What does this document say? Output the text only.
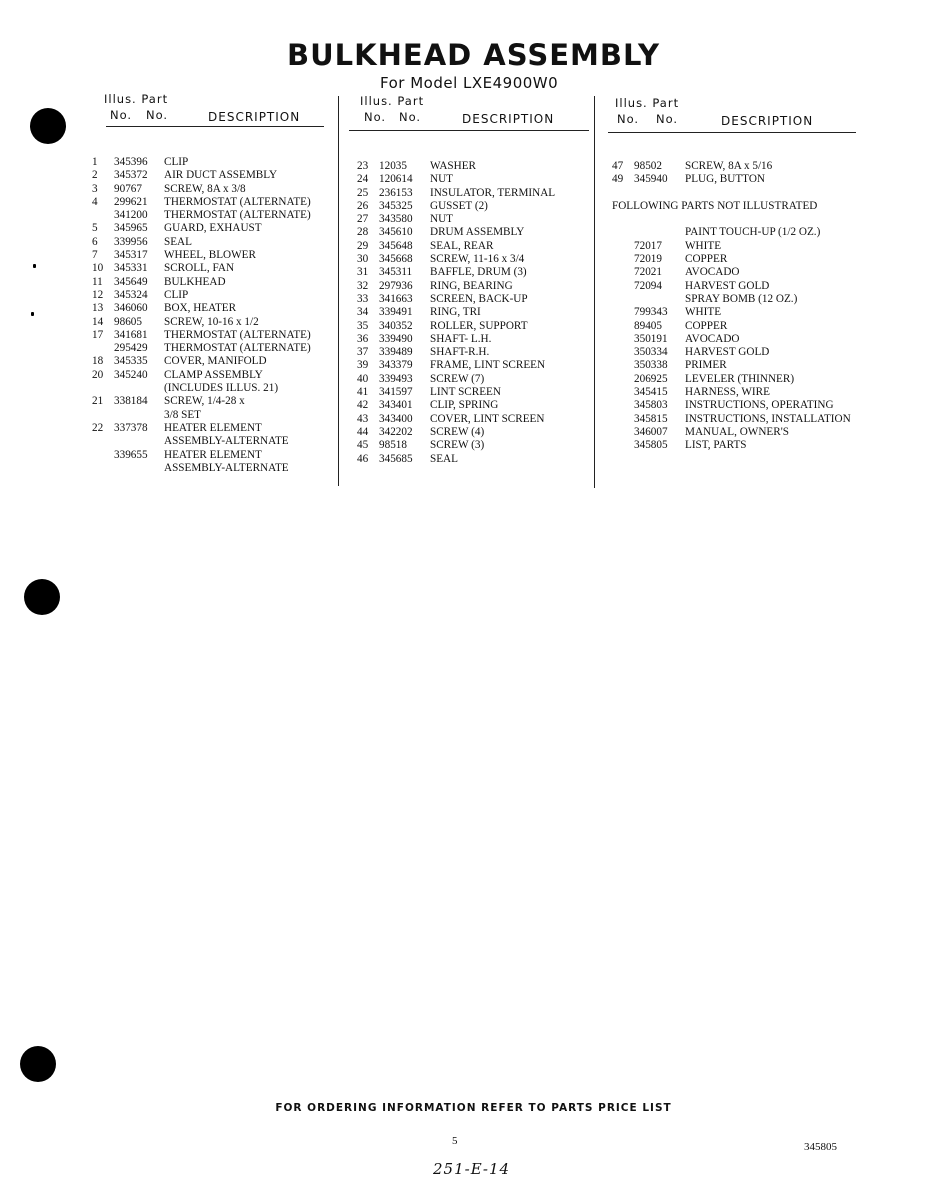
BULKHEAD ASSEMBLY
For Model LXE4900W0
Illus. Part
No. No.	DESCRIPTION
1 345396 CLIP
2 345372 AIR DUCT ASSEMBLY
3 90767 SCREW, 8A x 3/8
4 299621 THERMOSTAT (ALTERNATE)
341200 THERMOSTAT (ALTERNATE)
5 345965 GUARD, EXHAUST
6 339956 SEAL
7 345317 WHEEL, BLOWER
10 345331 SCROLL, FAN
11 345649 BULKHEAD
12 345324 CLIP
13 346060 BOX, HEATER
14 98605 SCREW, 10-16 x 1/2
17 341681 THERMOSTAT (ALTERNATE)
295429 THERMOSTAT (ALTERNATE)
18 345335 COVER, MANIFOLD
20 345240 CLAMP ASSEMBLY
(INCLUDES ILLUS. 21)
21 338184 SCREW, 1/4-28 x
3/8 SET
22 337378 HEATER ELEMENT
ASSEMBLY-ALTERNATE
339655 HEATER ELEMENT
ASSEMBLY-ALTERNATE
Illus. Part
No. No.	DESCRIPTION
23 12035 WASHER
24 120614 NUT
25 236153 INSULATOR, TERMINAL
26 345325 GUSSET (2)
27 343580 NUT
28 345610 DRUM ASSEMBLY
29 345648 SEAL, REAR
30 345668 SCREW, 11-16 x 3/4
31 345311 BAFFLE, DRUM (3)
32 297936 RING, BEARING
33 341663 SCREEN, BACK-UP
34 339491 RING, TRI
35 340352 ROLLER, SUPPORT
36 339490 SHAFT- L.H.
37 339489 SHAFT-R.H.
39 343379 FRAME, LINT SCREEN
40 339493 SCREW (7)
41 341597 LINT SCREEN
42 343401 CLIP, SPRING
43 343400 COVER, LINT SCREEN
44 342202 SCREW (4)
45 98518 SCREW (3)
46 345685 SEAL
Illus. Part
No. No.	DESCRIPTION
47 98502 SCREW, 8A x 5/16
49 345940 PLUG, BUTTON
FOLLOWING PARTS NOT ILLUSTRATED
PAINT TOUCH-UP (1/2 OZ.)
72017 WHITE
72019 COPPER
72021 AVOCADO
72094 HARVEST GOLD
SPRAY BOMB (12 OZ.)
799343 WHITE
89405 COPPER
350191 AVOCADO
350334 HARVEST GOLD
350338 PRIMER
206925 LEVELER (THINNER)
345415 HARNESS, WIRE
345803 INSTRUCTIONS, OPERATING
345815 INSTRUCTIONS, INSTALLATION
346007 MANUAL, OWNER'S
345805 LIST, PARTS
FOR ORDERING INFORMATION REFER TO PARTS PRICE LIST
5	345805
251-E-14
